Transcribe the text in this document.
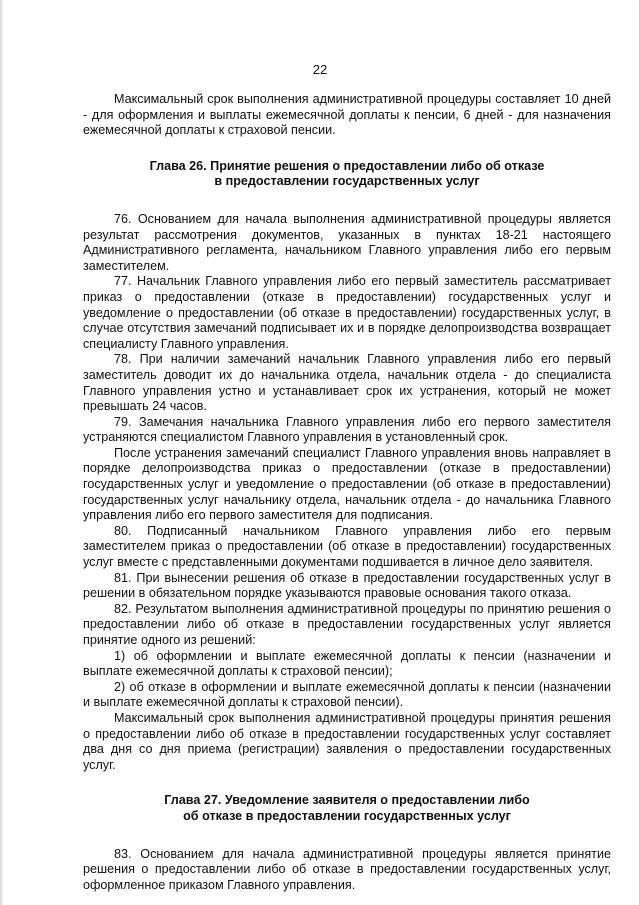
22

Максимальный срок выполнения административной процедуры составляет 10 дней - для оформления и выплаты ежемесячной доплаты к пенсии, 6 дней - для назначения ежемесячной доплаты к страховой пенсии.

Глава 26. Принятие решения о предоставлении либо об отказе
в предоставлении государственных услуг

76. Основанием для начала выполнения административной процедуры является результат рассмотрения документов, указанных в пунктах 18-21 настоящего Административного регламента, начальником Главного управления либо его первым заместителем.

77. Начальник Главного управления либо его первый заместитель рассматривает приказ о предоставлении (отказе в предоставлении) государственных услуг и уведомление о предоставлении (об отказе в предоставлении) государственных услуг, в случае отсутствия замечаний подписывает их и в порядке делопроизводства возвращает специалисту Главного управления.

78. При наличии замечаний начальник Главного управления либо его первый заместитель доводит их до начальника отдела, начальник отдела - до специалиста Главного управления устно и устанавливает срок их устранения, который не может превышать 24 часов.

79. Замечания начальника Главного управления либо его первого заместителя устраняются специалистом Главного управления в установленный срок.

После устранения замечаний специалист Главного управления вновь направляет в порядке делопроизводства приказ о предоставлении (отказе в предоставлении) государственных услуг и уведомление о предоставлении (об отказе в предоставлении) государственных услуг начальнику отдела, начальник отдела - до начальника Главного управления либо его первого заместителя для подписания.

80. Подписанный начальником Главного управления либо его первым заместителем приказ о предоставлении (об отказе в предоставлении) государственных услуг вместе с представленными документами подшивается в личное дело заявителя.

81. При вынесении решения об отказе в предоставлении государственных услуг в решении в обязательном порядке указываются правовые основания такого отказа.

82. Результатом выполнения административной процедуры по принятию решения о предоставлении либо об отказе в предоставлении государственных услуг является принятие одного из решений:

1) об оформлении и выплате ежемесячной доплаты к пенсии (назначении и выплате ежемесячной доплаты к страховой пенсии);

2) об отказе в оформлении и выплате ежемесячной доплаты к пенсии (назначении и выплате ежемесячной доплаты к страховой пенсии).

Максимальный срок выполнения административной процедуры принятия решения о предоставлении либо об отказе в предоставлении государственных услуг составляет два дня со дня приема (регистрации) заявления о предоставлении государственных услуг.

Глава 27. Уведомление заявителя о предоставлении либо
об отказе в предоставлении государственных услуг

83. Основанием для начала административной процедуры является принятие решения о предоставлении либо об отказе в предоставлении государственных услуг, оформленное приказом Главного управления.
